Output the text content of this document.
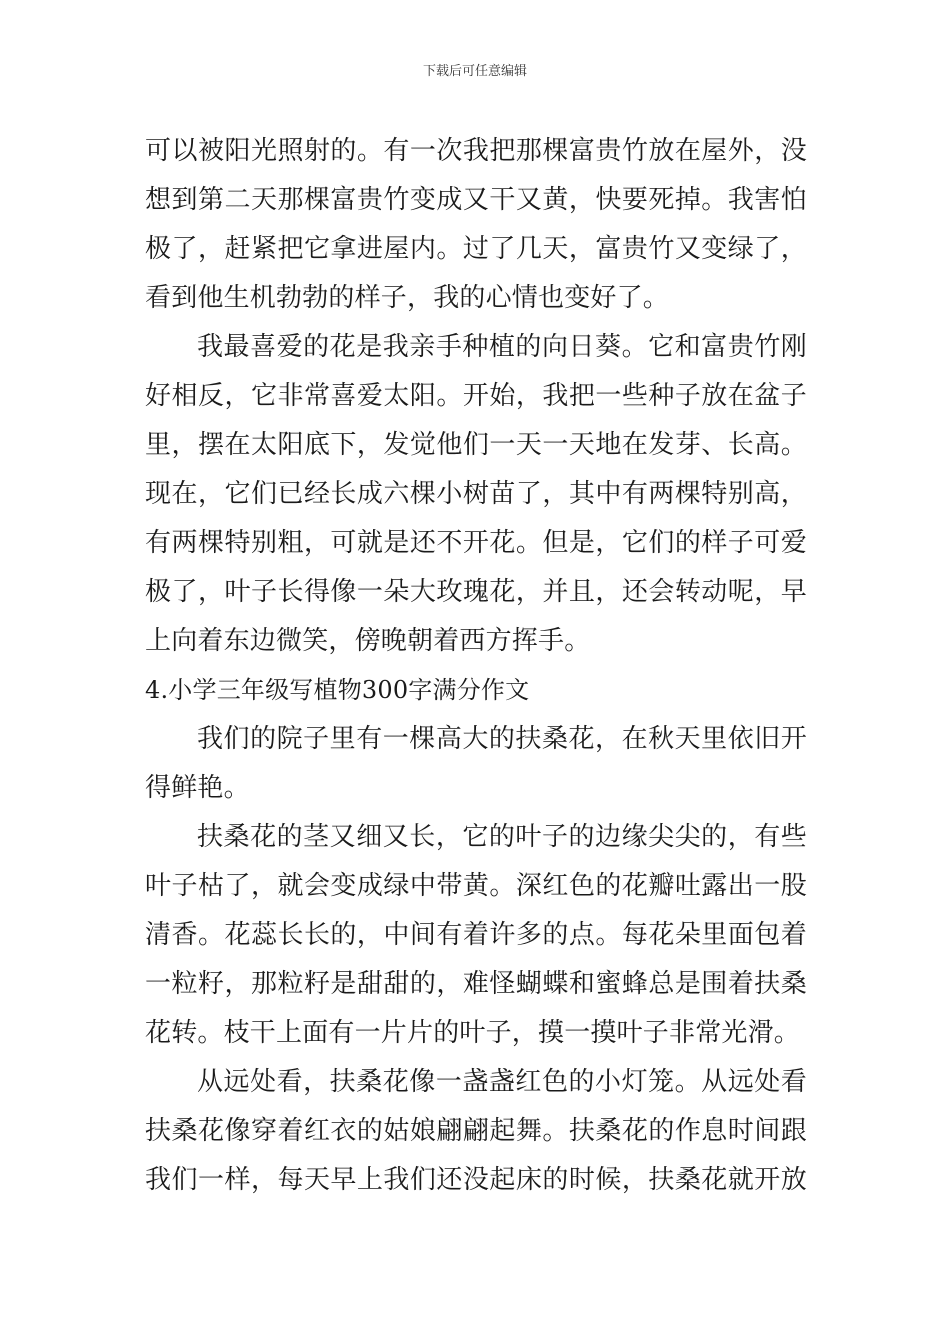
下载后可任意编辑
可以被阳光照射的。有一次我把那棵富贵竹放在屋外，没
想到第二天那棵富贵竹变成又干又黄，快要死掉。我害怕
极了，赶紧把它拿进屋内。过了几天，富贵竹又变绿了，
看到他生机勃勃的样子，我的心情也变好了。
我最喜爱的花是我亲手种植的向日葵。它和富贵竹刚
好相反，它非常喜爱太阳。开始，我把一些种子放在盆子
里，摆在太阳底下，发觉他们一天一天地在发芽、长高。
现在，它们已经长成六棵小树苗了，其中有两棵特别高，
有两棵特别粗，可就是还不开花。但是，它们的样子可爱
极了，叶子长得像一朵大玫瑰花，并且，还会转动呢，早
上向着东边微笑，傍晚朝着西方挥手。
4.小学三年级写植物300字满分作文
我们的院子里有一棵高大的扶桑花，在秋天里依旧开
得鲜艳。
扶桑花的茎又细又长，它的叶子的边缘尖尖的，有些
叶子枯了，就会变成绿中带黄。深红色的花瓣吐露出一股
清香。花蕊长长的，中间有着许多的点。每花朵里面包着
一粒籽，那粒籽是甜甜的，难怪蝴蝶和蜜蜂总是围着扶桑
花转。枝干上面有一片片的叶子，摸一摸叶子非常光滑。
从远处看，扶桑花像一盏盏红色的小灯笼。从远处看
扶桑花像穿着红衣的姑娘翩翩起舞。扶桑花的作息时间跟
我们一样，每天早上我们还没起床的时候，扶桑花就开放
